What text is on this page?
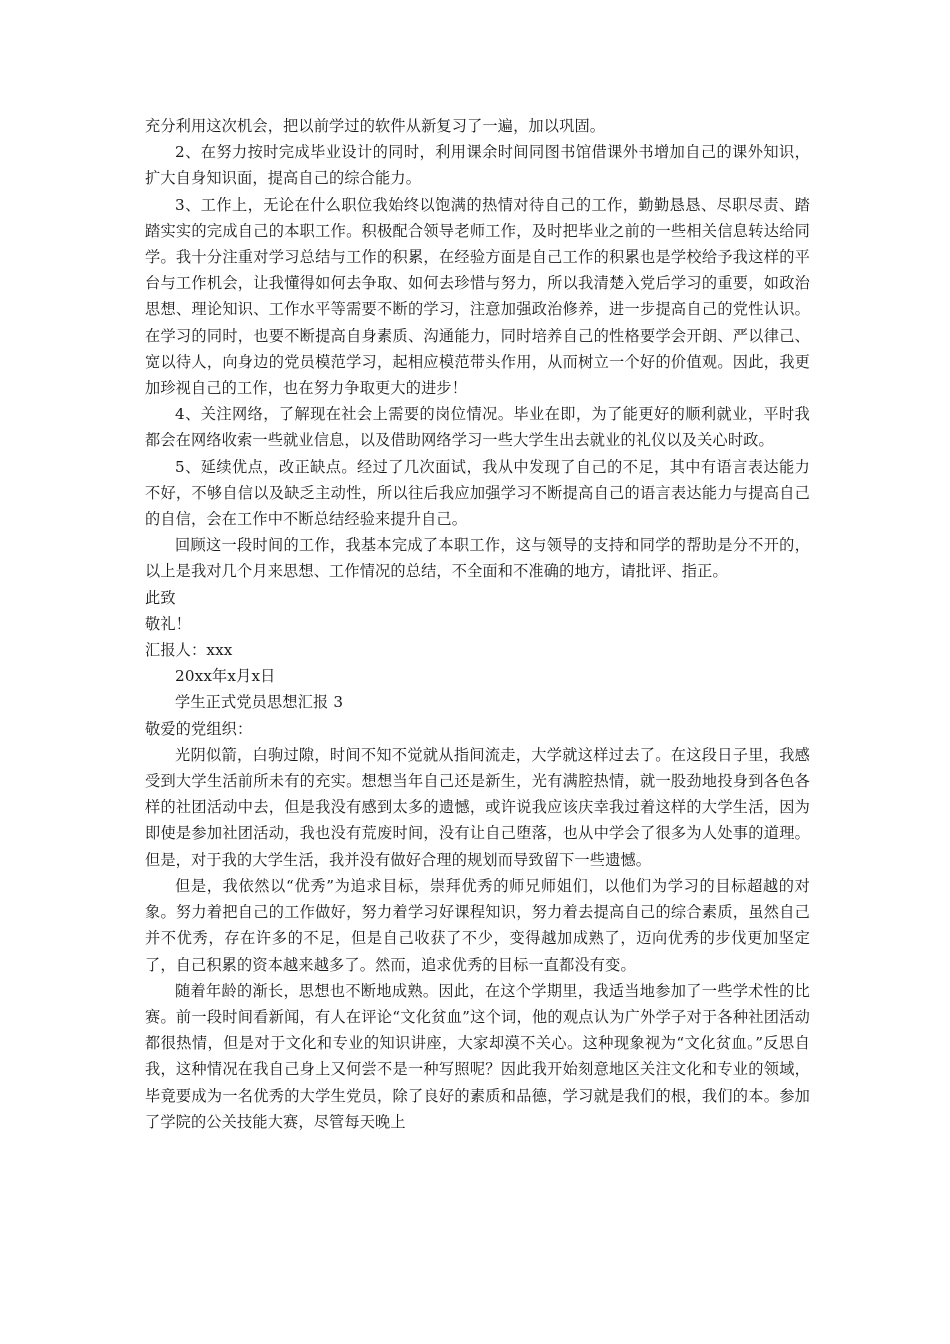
充分利用这次机会，把以前学过的软件从新复习了一遍，加以巩固。

2、在努力按时完成毕业设计的同时，利用课余时间同图书馆借课外书增加自己的课外知识，扩大自身知识面，提高自己的综合能力。

3、工作上，无论在什么职位我始终以饱满的热情对待自己的工作，勤勤恳恳、尽职尽责、踏踏实实的完成自己的本职工作。积极配合领导老师工作，及时把毕业之前的一些相关信息转达给同学。我十分注重对学习总结与工作的积累，在经验方面是自己工作的积累也是学校给予我这样的平台与工作机会，让我懂得如何去争取、如何去珍惜与努力，所以我清楚入党后学习的重要，如政治思想、理论知识、工作水平等需要不断的学习，注意加强政治修养，进一步提高自己的党性认识。在学习的同时，也要不断提高自身素质、沟通能力，同时培养自己的性格要学会开朗、严以律己、宽以待人，向身边的党员模范学习，起相应模范带头作用，从而树立一个好的价值观。因此，我更加珍视自己的工作，也在努力争取更大的进步！

4、关注网络，了解现在社会上需要的岗位情况。毕业在即，为了能更好的顺利就业，平时我都会在网络收索一些就业信息，以及借助网络学习一些大学生出去就业的礼仪以及关心时政。

5、延续优点，改正缺点。经过了几次面试，我从中发现了自己的不足，其中有语言表达能力不好，不够自信以及缺乏主动性，所以往后我应加强学习不断提高自己的语言表达能力与提高自己的自信，会在工作中不断总结经验来提升自己。

回顾这一段时间的工作，我基本完成了本职工作，这与领导的支持和同学的帮助是分不开的，以上是我对几个月来思想、工作情况的总结，不全面和不准确的地方，请批评、指正。

此致

敬礼！

汇报人：xxx

20xx年x月x日

学生正式党员思想汇报 3

敬爱的党组织：

光阴似箭，白驹过隙，时间不知不觉就从指间流走，大学就这样过去了。在这段日子里，我感受到大学生活前所未有的充实。想想当年自己还是新生，光有满腔热情，就一股劲地投身到各色各样的社团活动中去，但是我没有感到太多的遗憾，或许说我应该庆幸我过着这样的大学生活，因为即使是参加社团活动，我也没有荒废时间，没有让自己堕落，也从中学会了很多为人处事的道理。但是，对于我的大学生活，我并没有做好合理的规划而导致留下一些遗憾。

但是，我依然以“优秀”为追求目标，崇拜优秀的师兄师姐们，以他们为学习的目标超越的对象。努力着把自己的工作做好，努力着学习好课程知识，努力着去提高自己的综合素质，虽然自己并不优秀，存在许多的不足，但是自己收获了不少，变得越加成熟了，迈向优秀的步伐更加坚定了，自己积累的资本越来越多了。然而，追求优秀的目标一直都没有变。

随着年龄的渐长，思想也不断地成熟。因此，在这个学期里，我适当地参加了一些学术性的比赛。前一段时间看新闻，有人在评论“文化贫血”这个词，他的观点认为广外学子对于各种社团活动都很热情，但是对于文化和专业的知识讲座，大家却漠不关心。这种现象视为“文化贫血。”反思自我，这种情况在我自己身上又何尝不是一种写照呢？因此我开始刻意地区关注文化和专业的领域，毕竟要成为一名优秀的大学生党员，除了良好的素质和品德，学习就是我们的根，我们的本。参加了学院的公关技能大赛，尽管每天晚上
